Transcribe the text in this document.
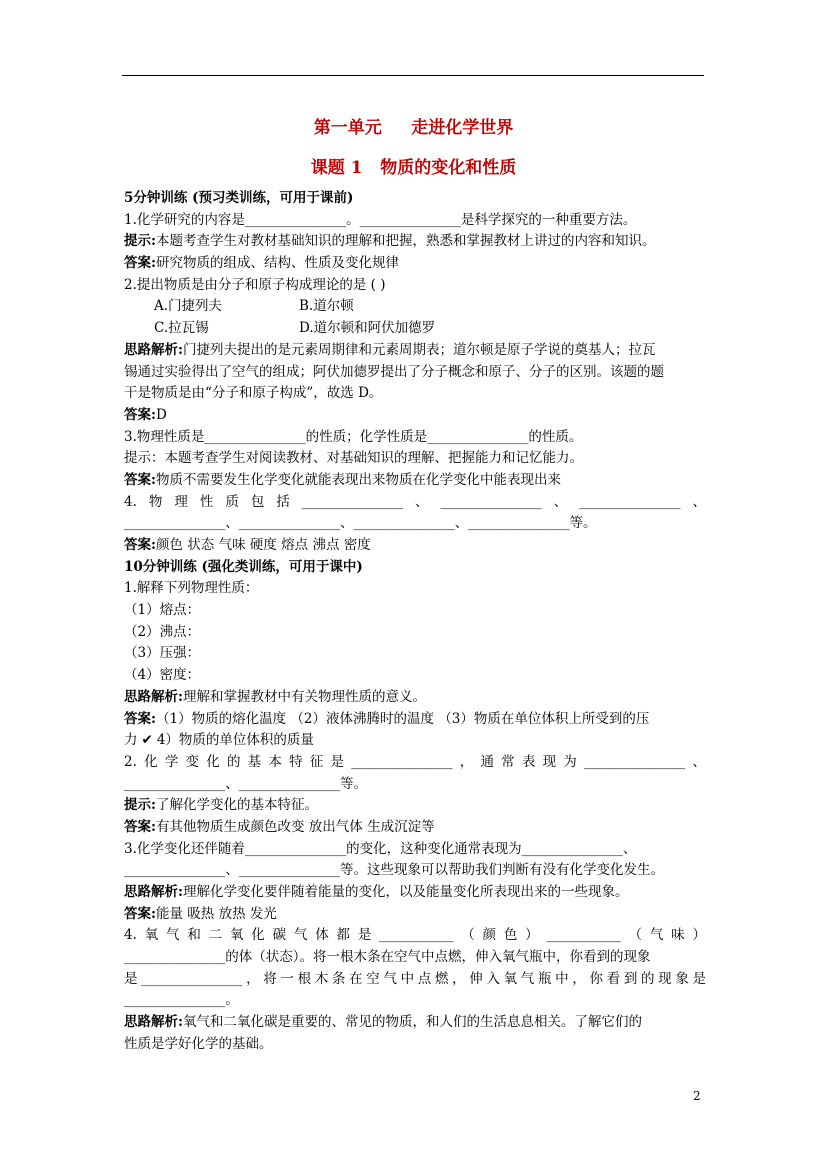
第一单元     走进化学世界
课题 1   物质的变化和性质
5分钟训练 (预习类训练，可用于课前)
1.化学研究的内容是_______________。_______________是科学探究的一种重要方法。
提示:本题考查学生对教材基础知识的理解和把握，熟悉和掌握教材上讲过的内容和知识。
答案:研究物质的组成、结构、性质及变化规律
2.提出物质是由分子和原子构成理论的是 ( )
A.门捷列夫	B.道尔顿
C.拉瓦锡	D.道尔顿和阿伏加德罗
思路解析:门捷列夫提出的是元素周期律和元素周期表；道尔顿是原子学说的奠基人；拉瓦
锡通过实验得出了空气的组成；阿伏加德罗提出了分子概念和原子、分子的区别。该题的题
干是物质是由“分子和原子构成”，故选 D。
答案:D
3.物理性质是_______________的性质；化学性质是_______________的性质。
提示：本题考查学生对阅读教材、对基础知识的理解、把握能力和记忆能力。
答案:物质不需要发生化学变化就能表现出来物质在化学变化中能表现出来
4.物理性质包括_______________、_______________、_______________、
_______________、_______________、_______________、_______________等。
答案:颜色 状态 气味 硬度 熔点 沸点 密度
10分钟训练 (强化类训练，可用于课中)
1.解释下列物理性质：
（1）熔点：
（2）沸点：
（3）压强：
（4）密度：
思路解析:理解和掌握教材中有关物理性质的意义。
答案:（1）物质的熔化温度 （2）液体沸腾时的温度 （3）物质在单位体积上所受到的压
力 ✔ 4）物质的单位体积的质量
2.化学变化的基本特征是_______________，通常表现为_______________、
_______________、_______________等。
提示:了解化学变化的基本特征。
答案:有其他物质生成颜色改变 放出气体 生成沉淀等
3.化学变化还伴随着_______________的变化，这种变化通常表现为_______________、
_______________、_______________等。这些现象可以帮助我们判断有没有化学变化发生。
思路解析:理解化学变化要伴随着能量的变化，以及能量变化所表现出来的一些现象。
答案:能量 吸热 放热 发光
4.氧气和二氧化碳气体都是___________（颜色）___________（气味）
_______________的体（状态）。将一根木条在空气中点燃，伸入氧气瓶中，你看到的现象
是_______________，将一根木条在空气中点燃，伸入氧气瓶中，你看到的现象是
_______________。
思路解析:氧气和二氧化碳是重要的、常见的物质，和人们的生活息息相关。了解它们的
性质是学好化学的基础。
2
